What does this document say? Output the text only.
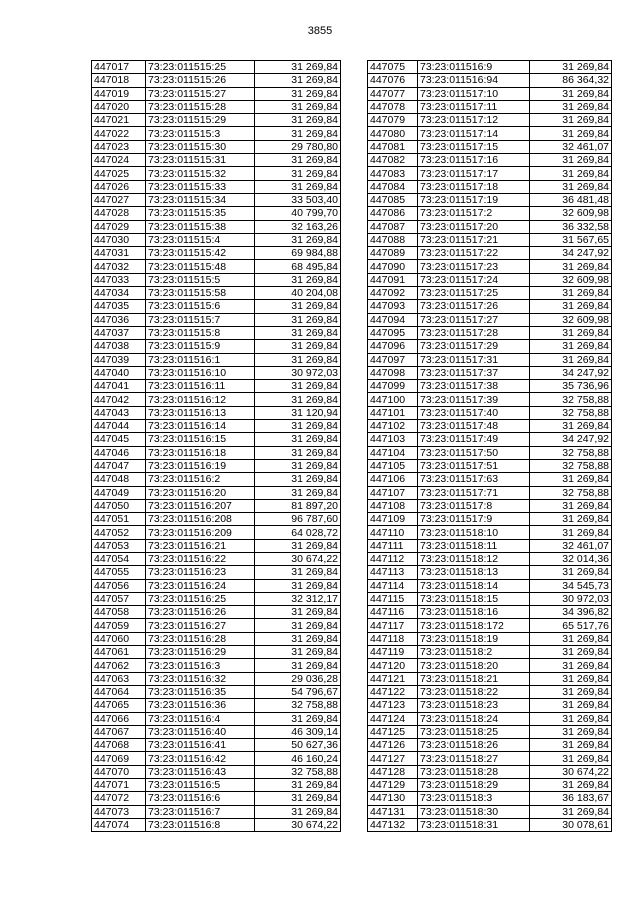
3855
447017	73:23:011515:25	31 269,84
447018	73:23:011515:26	31 269,84
447019	73:23:011515:27	31 269,84
447020	73:23:011515:28	31 269,84
447021	73:23:011515:29	31 269,84
447022	73:23:011515:3	31 269,84
447023	73:23:011515:30	29 780,80
447024	73:23:011515:31	31 269,84
447025	73:23:011515:32	31 269,84
447026	73:23:011515:33	31 269,84
447027	73:23:011515:34	33 503,40
447028	73:23:011515:35	40 799,70
447029	73:23:011515:38	32 163,26
447030	73:23:011515:4	31 269,84
447031	73:23:011515:42	69 984,88
447032	73:23:011515:48	68 495,84
447033	73:23:011515:5	31 269,84
447034	73:23:011515:58	40 204,08
447035	73:23:011515:6	31 269,84
447036	73:23:011515:7	31 269,84
447037	73:23:011515:8	31 269,84
447038	73:23:011515:9	31 269,84
447039	73:23:011516:1	31 269,84
447040	73:23:011516:10	30 972,03
447041	73:23:011516:11	31 269,84
447042	73:23:011516:12	31 269,84
447043	73:23:011516:13	31 120,94
447044	73:23:011516:14	31 269,84
447045	73:23:011516:15	31 269,84
447046	73:23:011516:18	31 269,84
447047	73:23:011516:19	31 269,84
447048	73:23:011516:2	31 269,84
447049	73:23:011516:20	31 269,84
447050	73:23:011516:207	81 897,20
447051	73:23:011516:208	96 787,60
447052	73:23:011516:209	64 028,72
447053	73:23:011516:21	31 269,84
447054	73:23:011516:22	30 674,22
447055	73:23:011516:23	31 269,84
447056	73:23:011516:24	31 269,84
447057	73:23:011516:25	32 312,17
447058	73:23:011516:26	31 269,84
447059	73:23:011516:27	31 269,84
447060	73:23:011516:28	31 269,84
447061	73:23:011516:29	31 269,84
447062	73:23:011516:3	31 269,84
447063	73:23:011516:32	29 036,28
447064	73:23:011516:35	54 796,67
447065	73:23:011516:36	32 758,88
447066	73:23:011516:4	31 269,84
447067	73:23:011516:40	46 309,14
447068	73:23:011516:41	50 627,36
447069	73:23:011516:42	46 160,24
447070	73:23:011516:43	32 758,88
447071	73:23:011516:5	31 269,84
447072	73:23:011516:6	31 269,84
447073	73:23:011516:7	31 269,84
447074	73:23:011516:8	30 674,22
447075	73:23:011516:9	31 269,84
447076	73:23:011516:94	86 364,32
447077	73:23:011517:10	31 269,84
447078	73:23:011517:11	31 269,84
447079	73:23:011517:12	31 269,84
447080	73:23:011517:14	31 269,84
447081	73:23:011517:15	32 461,07
447082	73:23:011517:16	31 269,84
447083	73:23:011517:17	31 269,84
447084	73:23:011517:18	31 269,84
447085	73:23:011517:19	36 481,48
447086	73:23:011517:2	32 609,98
447087	73:23:011517:20	36 332,58
447088	73:23:011517:21	31 567,65
447089	73:23:011517:22	34 247,92
447090	73:23:011517:23	31 269,84
447091	73:23:011517:24	32 609,98
447092	73:23:011517:25	31 269,84
447093	73:23:011517:26	31 269,84
447094	73:23:011517:27	32 609,98
447095	73:23:011517:28	31 269,84
447096	73:23:011517:29	31 269,84
447097	73:23:011517:31	31 269,84
447098	73:23:011517:37	34 247,92
447099	73:23:011517:38	35 736,96
447100	73:23:011517:39	32 758,88
447101	73:23:011517:40	32 758,88
447102	73:23:011517:48	31 269,84
447103	73:23:011517:49	34 247,92
447104	73:23:011517:50	32 758,88
447105	73:23:011517:51	32 758,88
447106	73:23:011517:63	31 269,84
447107	73:23:011517:71	32 758,88
447108	73:23:011517:8	31 269,84
447109	73:23:011517:9	31 269,84
447110	73:23:011518:10	31 269,84
447111	73:23:011518:11	32 461,07
447112	73:23:011518:12	32 014,36
447113	73:23:011518:13	31 269,84
447114	73:23:011518:14	34 545,73
447115	73:23:011518:15	30 972,03
447116	73:23:011518:16	34 396,82
447117	73:23:011518:172	65 517,76
447118	73:23:011518:19	31 269,84
447119	73:23:011518:2	31 269,84
447120	73:23:011518:20	31 269,84
447121	73:23:011518:21	31 269,84
447122	73:23:011518:22	31 269,84
447123	73:23:011518:23	31 269,84
447124	73:23:011518:24	31 269,84
447125	73:23:011518:25	31 269,84
447126	73:23:011518:26	31 269,84
447127	73:23:011518:27	31 269,84
447128	73:23:011518:28	30 674,22
447129	73:23:011518:29	31 269,84
447130	73:23:011518:3	36 183,67
447131	73:23:011518:30	31 269,84
447132	73:23:011518:31	30 078,61
